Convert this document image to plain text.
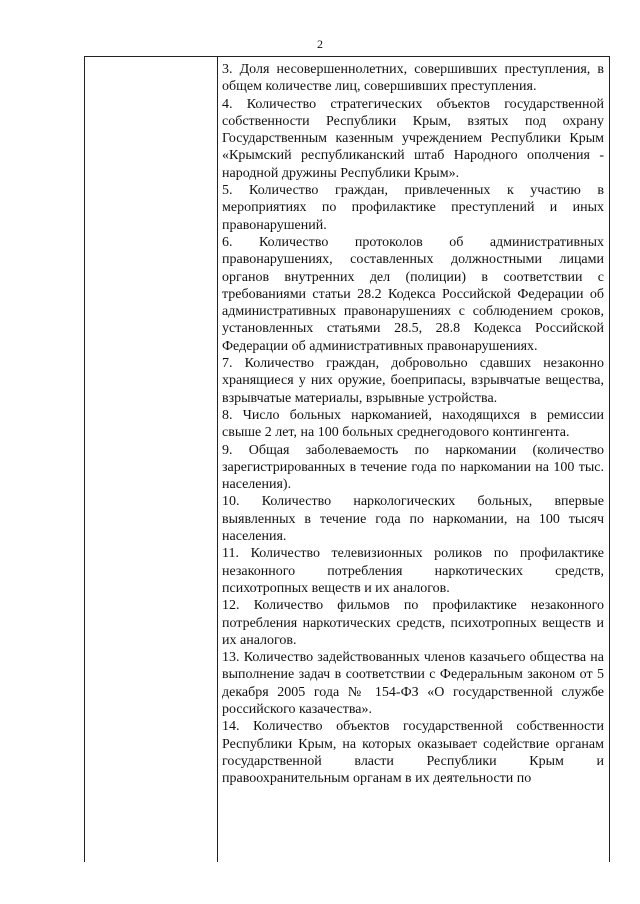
2

3. Доля несовершеннолетних, совершивших преступления, в общем количестве лиц, совершивших преступления.

4. Количество стратегических объектов государственной собственности Республики Крым, взятых под охрану Государственным казенным учреждением Республики Крым «Крымский республиканский штаб Народного ополчения - народной дружины Республики Крым».

5. Количество граждан, привлеченных к участию в мероприятиях по профилактике преступлений и иных правонарушений.

6. Количество протоколов об административных правонарушениях, составленных должностными лицами органов внутренних дел (полиции) в соответствии с требованиями статьи 28.2 Кодекса Российской Федерации об административных правонарушениях с соблюдением сроков, установленных статьями 28.5, 28.8 Кодекса Российской Федерации об административных правонарушениях.

7. Количество граждан, добровольно сдавших незаконно хранящиеся у них оружие, боеприпасы, взрывчатые вещества, взрывчатые материалы, взрывные устройства.

8. Число больных наркоманией, находящихся в ремиссии свыше 2 лет, на 100 больных среднегодового контингента.

9. Общая заболеваемость по наркомании (количество зарегистрированных в течение года по наркомании на 100 тыс. населения).

10. Количество наркологических больных, впервые выявленных в течение года по наркомании, на 100 тысяч населения.

11. Количество телевизионных роликов по профилактике незаконного потребления наркотических средств, психотропных веществ и их аналогов.

12. Количество фильмов по профилактике незаконного потребления наркотических средств, психотропных веществ и их аналогов.

13. Количество задействованных членов казачьего общества на выполнение задач в соответствии с Федеральным законом от 5 декабря 2005 года № 154-ФЗ «О государственной службе российского казачества».

14. Количество объектов государственной собственности Республики Крым, на которых оказывает содействие органам государственной власти Республики Крым и правоохранительным органам в их деятельности по
